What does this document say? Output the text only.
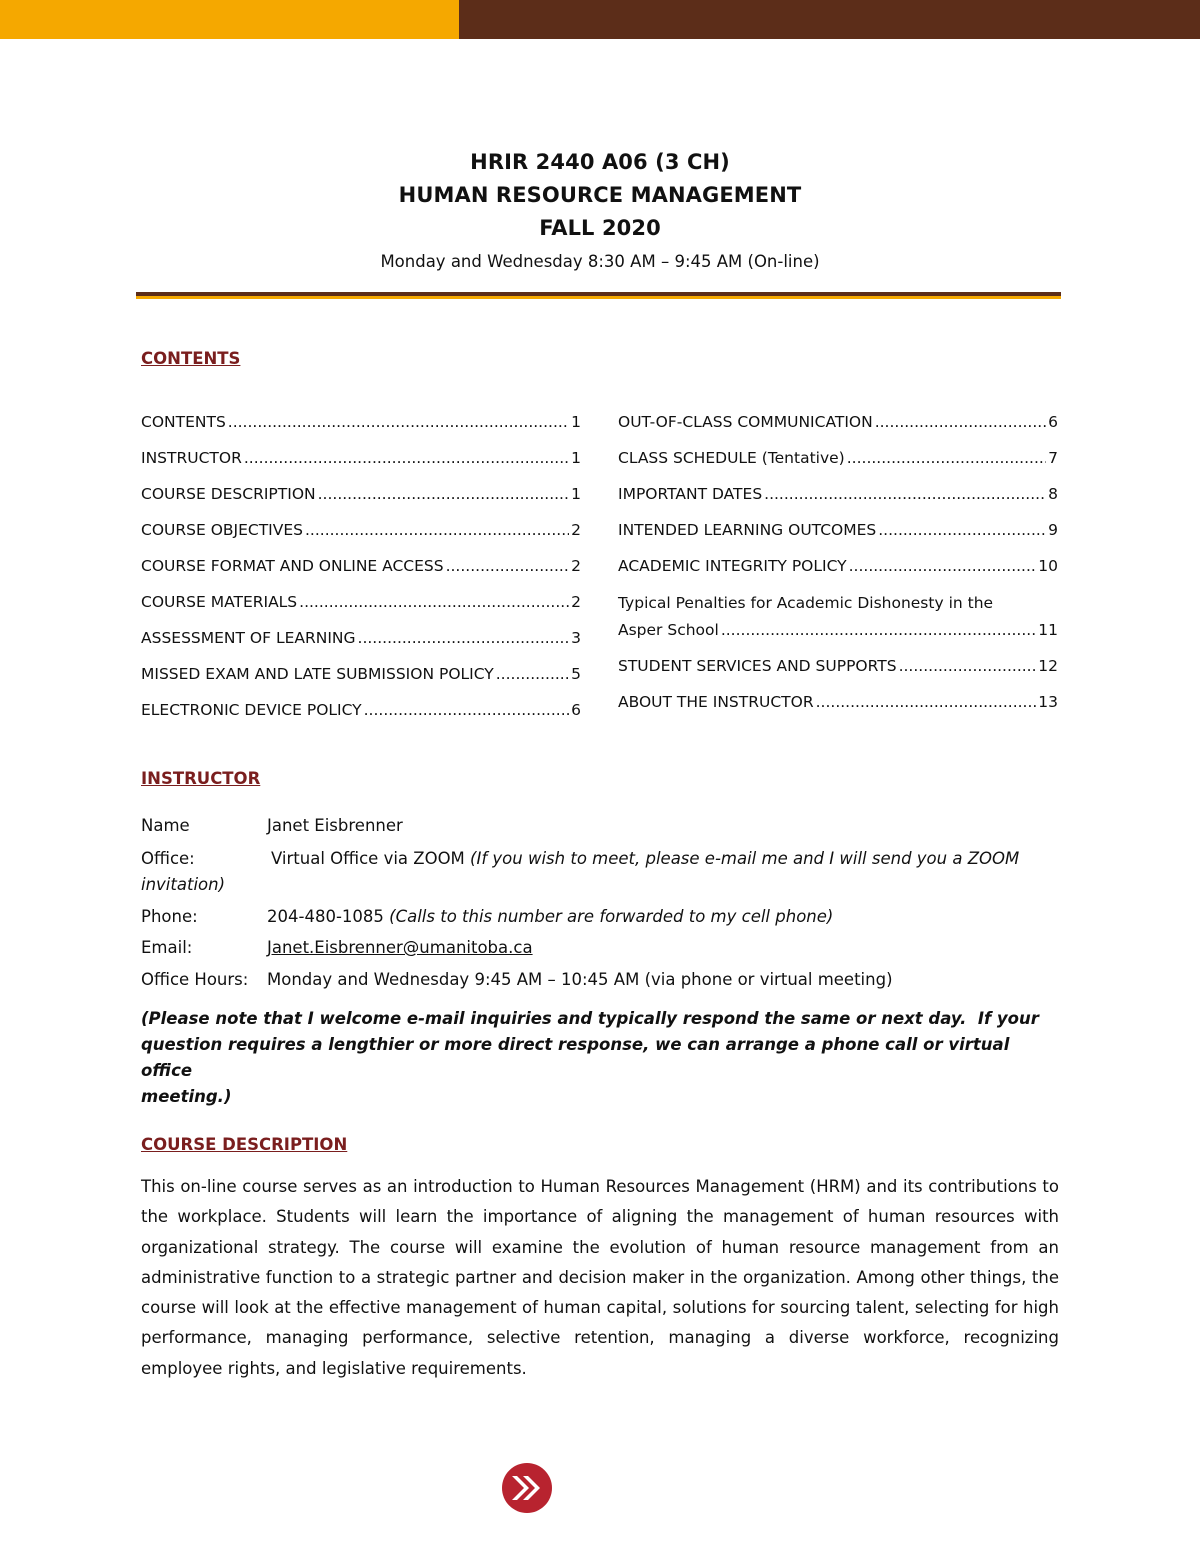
HRIR 2440 A06 (3 CH)
HUMAN RESOURCE MANAGEMENT
FALL 2020
Monday and Wednesday 8:30 AM – 9:45 AM (On-line)
CONTENTS
CONTENTS .....	1
INSTRUCTOR .....	1
COURSE DESCRIPTION .....	1
COURSE OBJECTIVES .....	2
COURSE FORMAT AND ONLINE ACCESS .....	2
COURSE MATERIALS .....	2
ASSESSMENT OF LEARNING .....	3
MISSED EXAM AND LATE SUBMISSION POLICY .....	5
ELECTRONIC DEVICE POLICY .....	6
OUT-OF-CLASS COMMUNICATION .....	6
CLASS SCHEDULE (Tentative) .....	7
IMPORTANT DATES .....	8
INTENDED LEARNING OUTCOMES .....	9
ACADEMIC INTEGRITY POLICY .....	10
Typical Penalties for Academic Dishonesty in the
Asper School .....	11
STUDENT SERVICES AND SUPPORTS .....	12
ABOUT THE INSTRUCTOR .....	13
INSTRUCTOR
Name	Janet Eisbrenner
Office:	Virtual Office via ZOOM (If you wish to meet, please e-mail me and I will send you a ZOOM
invitation)
Phone:	204-480-1085 (Calls to this number are forwarded to my cell phone)
Email:	Janet.Eisbrenner@umanitoba.ca
Office Hours: Monday and Wednesday 9:45 AM – 10:45 AM (via phone or virtual meeting)
(Please note that I welcome e-mail inquiries and typically respond the same or next day.  If your
question requires a lengthier or more direct response, we can arrange a phone call or virtual office
meeting.)
COURSE DESCRIPTION
This on-line course serves as an introduction to Human Resources Management (HRM) and its contributions to the workplace. Students will learn the importance of aligning the management of human resources with organizational strategy. The course will examine the evolution of human resource management from an administrative function to a strategic partner and decision maker in the organization. Among other things, the course will look at the effective management of human capital, solutions for sourcing talent, selecting for high performance, managing performance, selective retention, managing a diverse workforce, recognizing employee rights, and legislative requirements.
